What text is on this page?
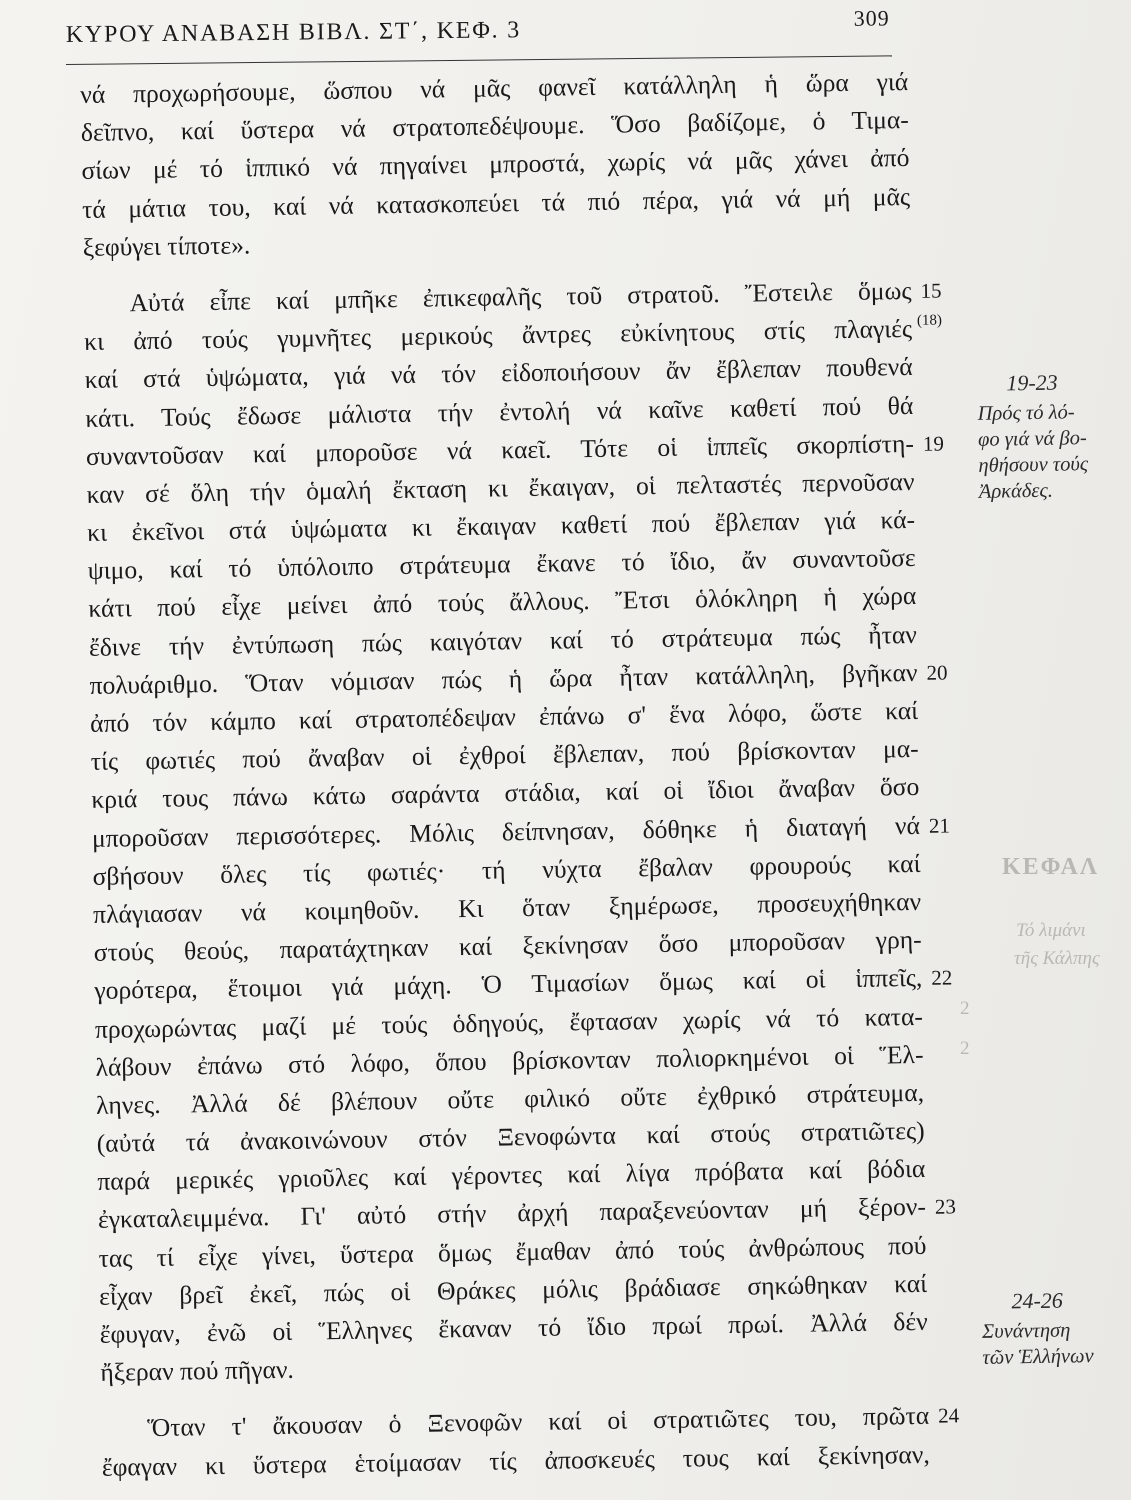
ΚΥΡΟΥ ΑΝΑΒΑΣΗ ΒΙΒΛ. ΣΤ΄, ΚΕΦ. 3	309
νά προχωρήσουμε, ὥσπου νά μᾶς φανεῖ κατάλληλη ἡ ὥρα γιά
δεῖπνο, καί ὕστερα νά στρατοπεδέψουμε. Ὅσο βαδίζομε, ὁ Τιμα-
σίων μέ τό ἱππικό νά πηγαίνει μπροστά, χωρίς νά μᾶς χάνει ἀπό
τά μάτια του, καί νά κατασκοπεύει τά πιό πέρα, γιά νά μή μᾶς
ξεφύγει τίποτε».
Αὐτά εἶπε καί μπῆκε ἐπικεφαλῆς τοῦ στρατοῦ. Ἔστειλε ὅμως 15
κι ἀπό τούς γυμνῆτες μερικούς ἄντρες εὐκίνητους στίς πλαγιές (18)
καί στά ὑψώματα, γιά νά τόν εἰδοποιήσουν ἄν ἔβλεπαν πουθενά
κάτι. Τούς ἔδωσε μάλιστα τήν ἐντολή νά καῖνε καθετί πού θά
συναντοῦσαν καί μποροῦσε νά καεῖ. Τότε οἱ ἱππεῖς σκορπίστη- 19
καν σέ ὅλη τήν ὁμαλή ἔκταση κι ἔκαιγαν, οἱ πελταστές περνοῦσαν
κι ἐκεῖνοι στά ὑψώματα κι ἔκαιγαν καθετί πού ἔβλεπαν γιά κά-
ψιμο, καί τό ὑπόλοιπο στράτευμα ἔκανε τό ἴδιο, ἄν συναντοῦσε
κάτι πού εἶχε μείνει ἀπό τούς ἄλλους. Ἔτσι ὁλόκληρη ἡ χώρα
ἔδινε τήν ἐντύπωση πώς καιγόταν καί τό στράτευμα πώς ἦταν
πολυάριθμο. Ὅταν νόμισαν πώς ἡ ὥρα ἦταν κατάλληλη, βγῆκαν 20
ἀπό τόν κάμπο καί στρατοπέδεψαν ἐπάνω σ' ἕνα λόφο, ὥστε καί
τίς φωτιές πού ἄναβαν οἱ ἐχθροί ἔβλεπαν, πού βρίσκονταν μα-
κριά τους πάνω κάτω σαράντα στάδια, καί οἱ ἴδιοι ἄναβαν ὅσο
μποροῦσαν περισσότερες. Μόλις δείπνησαν, δόθηκε ἡ διαταγή νά 21
σβήσουν ὅλες τίς φωτιές· τή νύχτα ἔβαλαν φρουρούς καί
πλάγιασαν νά κοιμηθοῦν. Κι ὅταν ξημέρωσε, προσευχήθηκαν
στούς θεούς, παρατάχτηκαν καί ξεκίνησαν ὅσο μποροῦσαν γρη-
γορότερα, ἕτοιμοι γιά μάχη. Ὁ Τιμασίων ὅμως καί οἱ ἱππεῖς, 22
προχωρώντας μαζί μέ τούς ὁδηγούς, ἔφτασαν χωρίς νά τό κατα-
λάβουν ἐπάνω στό λόφο, ὅπου βρίσκονταν πολιορκημένοι οἱ Ἕλ-
ληνες. Ἀλλά δέ βλέπουν οὔτε φιλικό οὔτε ἐχθρικό στράτευμα,
(αὐτά τά ἀνακοινώνουν στόν Ξενοφώντα καί στούς στρατιῶτες)
παρά μερικές γριοῦλες καί γέροντες καί λίγα πρόβατα καί βόδια
ἐγκαταλειμμένα. Γι' αὐτό στήν ἀρχή παραξενεύονταν μή ξέρον- 23
τας τί εἶχε γίνει, ὕστερα ὅμως ἔμαθαν ἀπό τούς ἀνθρώπους πού
εἶχαν βρεῖ ἐκεῖ, πώς οἱ Θράκες μόλις βράδιασε σηκώθηκαν καί
ἔφυγαν, ἐνῶ οἱ Ἕλληνες ἔκαναν τό ἴδιο πρωί πρωί. Ἀλλά δέν
ἤξεραν πού πῆγαν.
Ὅταν τ' ἄκουσαν ὁ Ξενοφῶν καί οἱ στρατιῶτες του, πρῶτα 24
ἔφαγαν κι ὕστερα ἑτοίμασαν τίς ἀποσκευές τους καί ξεκίνησαν,
19-23
Πρός τό λό-
φο γιά νά βο-
ηθήσουν τούς
Ἀρκάδες.
24-26
Συνάντηση
τῶν Ἑλλήνων
ΚΕΦΑΛ
Τό λιμάνι
τῆς Κάλπης
2
2
